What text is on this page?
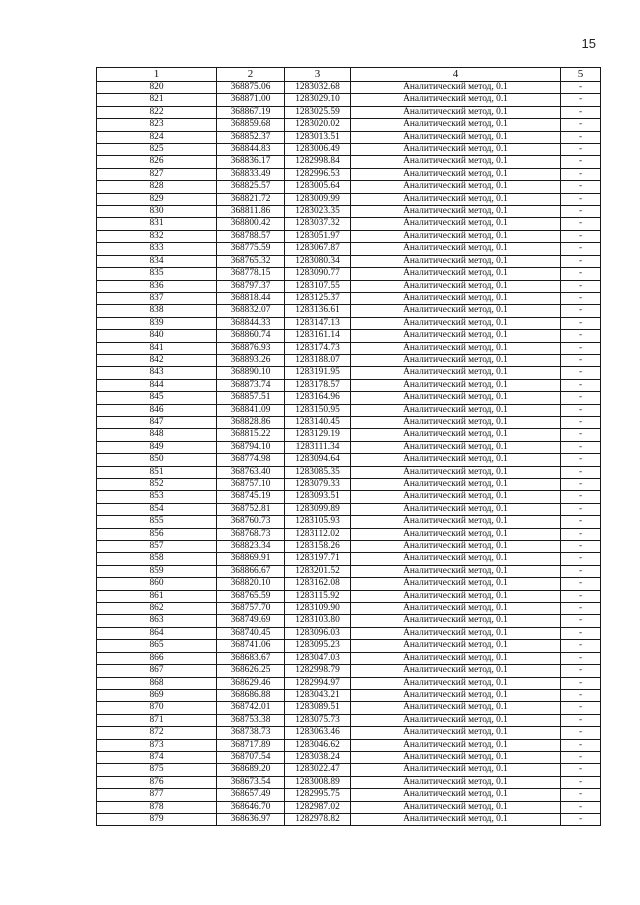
15
1	2	3	4	5
820	368875.06	1283032.68	Аналитический метод, 0.1	-
821	368871.00	1283029.10	Аналитический метод, 0.1	-
822	368867.19	1283025.59	Аналитический метод, 0.1	-
823	368859.68	1283020.02	Аналитический метод, 0.1	-
824	368852.37	1283013.51	Аналитический метод, 0.1	-
825	368844.83	1283006.49	Аналитический метод, 0.1	-
826	368836.17	1282998.84	Аналитический метод, 0.1	-
827	368833.49	1282996.53	Аналитический метод, 0.1	-
828	368825.57	1283005.64	Аналитический метод, 0.1	-
829	368821.72	1283009.99	Аналитический метод, 0.1	-
830	368811.86	1283023.35	Аналитический метод, 0.1	-
831	368800.42	1283037.32	Аналитический метод, 0.1	-
832	368788.57	1283051.97	Аналитический метод, 0.1	-
833	368775.59	1283067.87	Аналитический метод, 0.1	-
834	368765.32	1283080.34	Аналитический метод, 0.1	-
835	368778.15	1283090.77	Аналитический метод, 0.1	-
836	368797.37	1283107.55	Аналитический метод, 0.1	-
837	368818.44	1283125.37	Аналитический метод, 0.1	-
838	368832.07	1283136.61	Аналитический метод, 0.1	-
839	368844.33	1283147.13	Аналитический метод, 0.1	-
840	368860.74	1283161.14	Аналитический метод, 0.1	-
841	368876.93	1283174.73	Аналитический метод, 0.1	-
842	368893.26	1283188.07	Аналитический метод, 0.1	-
843	368890.10	1283191.95	Аналитический метод, 0.1	-
844	368873.74	1283178.57	Аналитический метод, 0.1	-
845	368857.51	1283164.96	Аналитический метод, 0.1	-
846	368841.09	1283150.95	Аналитический метод, 0.1	-
847	368828.86	1283140.45	Аналитический метод, 0.1	-
848	368815.22	1283129.19	Аналитический метод, 0.1	-
849	368794.10	1283111.34	Аналитический метод, 0.1	-
850	368774.98	1283094.64	Аналитический метод, 0.1	-
851	368763.40	1283085.35	Аналитический метод, 0.1	-
852	368757.10	1283079.33	Аналитический метод, 0.1	-
853	368745.19	1283093.51	Аналитический метод, 0.1	-
854	368752.81	1283099.89	Аналитический метод, 0.1	-
855	368760.73	1283105.93	Аналитический метод, 0.1	-
856	368768.73	1283112.02	Аналитический метод, 0.1	-
857	368823.34	1283158.26	Аналитический метод, 0.1	-
858	368869.91	1283197.71	Аналитический метод, 0.1	-
859	368866.67	1283201.52	Аналитический метод, 0.1	-
860	368820.10	1283162.08	Аналитический метод, 0.1	-
861	368765.59	1283115.92	Аналитический метод, 0.1	-
862	368757.70	1283109.90	Аналитический метод, 0.1	-
863	368749.69	1283103.80	Аналитический метод, 0.1	-
864	368740.45	1283096.03	Аналитический метод, 0.1	-
865	368741.06	1283095.23	Аналитический метод, 0.1	-
866	368683.67	1283047.03	Аналитический метод, 0.1	-
867	368626.25	1282998.79	Аналитический метод, 0.1	-
868	368629.46	1282994.97	Аналитический метод, 0.1	-
869	368686.88	1283043.21	Аналитический метод, 0.1	-
870	368742.01	1283089.51	Аналитический метод, 0.1	-
871	368753.38	1283075.73	Аналитический метод, 0.1	-
872	368738.73	1283063.46	Аналитический метод, 0.1	-
873	368717.89	1283046.62	Аналитический метод, 0.1	-
874	368707.54	1283038.24	Аналитический метод, 0.1	-
875	368689.20	1283022.47	Аналитический метод, 0.1	-
876	368673.54	1283008.89	Аналитический метод, 0.1	-
877	368657.49	1282995.75	Аналитический метод, 0.1	-
878	368646.70	1282987.02	Аналитический метод, 0.1	-
879	368636.97	1282978.82	Аналитический метод, 0.1	-
